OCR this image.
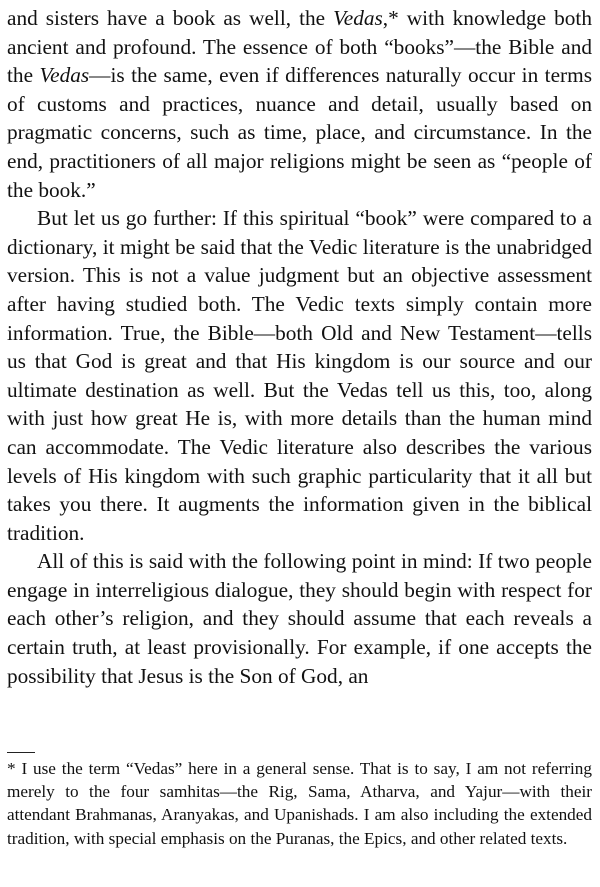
and sisters have a book as well, the Vedas,* with knowledge both ancient and profound. The essence of both “books”—the Bible and the Vedas—is the same, even if differences naturally occur in terms of customs and practices, nuance and detail, usually based on pragmatic concerns, such as time, place, and circumstance. In the end, practitioners of all major religions might be seen as “people of the book.”

But let us go further: If this spiritual “book” were compared to a dictionary, it might be said that the Vedic literature is the unabridged version. This is not a value judgment but an objective assessment after having studied both. The Vedic texts simply contain more information. True, the Bible—both Old and New Testament—tells us that God is great and that His kingdom is our source and our ultimate destination as well. But the Vedas tell us this, too, along with just how great He is, with more details than the human mind can accommodate. The Vedic literature also describes the various levels of His kingdom with such graphic particularity that it all but takes you there. It augments the information given in the biblical tradition.

All of this is said with the following point in mind: If two people engage in interreligious dialogue, they should begin with respect for each other’s religion, and they should assume that each reveals a certain truth, at least provisionally. For example, if one accepts the possibility that Jesus is the Son of God, an

* I use the term “Vedas” here in a general sense. That is to say, I am not referring merely to the four samhitas—the Rig, Sama, Atharva, and Yajur—with their attendant Brahmanas, Aranyakas, and Upanishads. I am also including the extended tradition, with special emphasis on the Puranas, the Epics, and other related texts.
